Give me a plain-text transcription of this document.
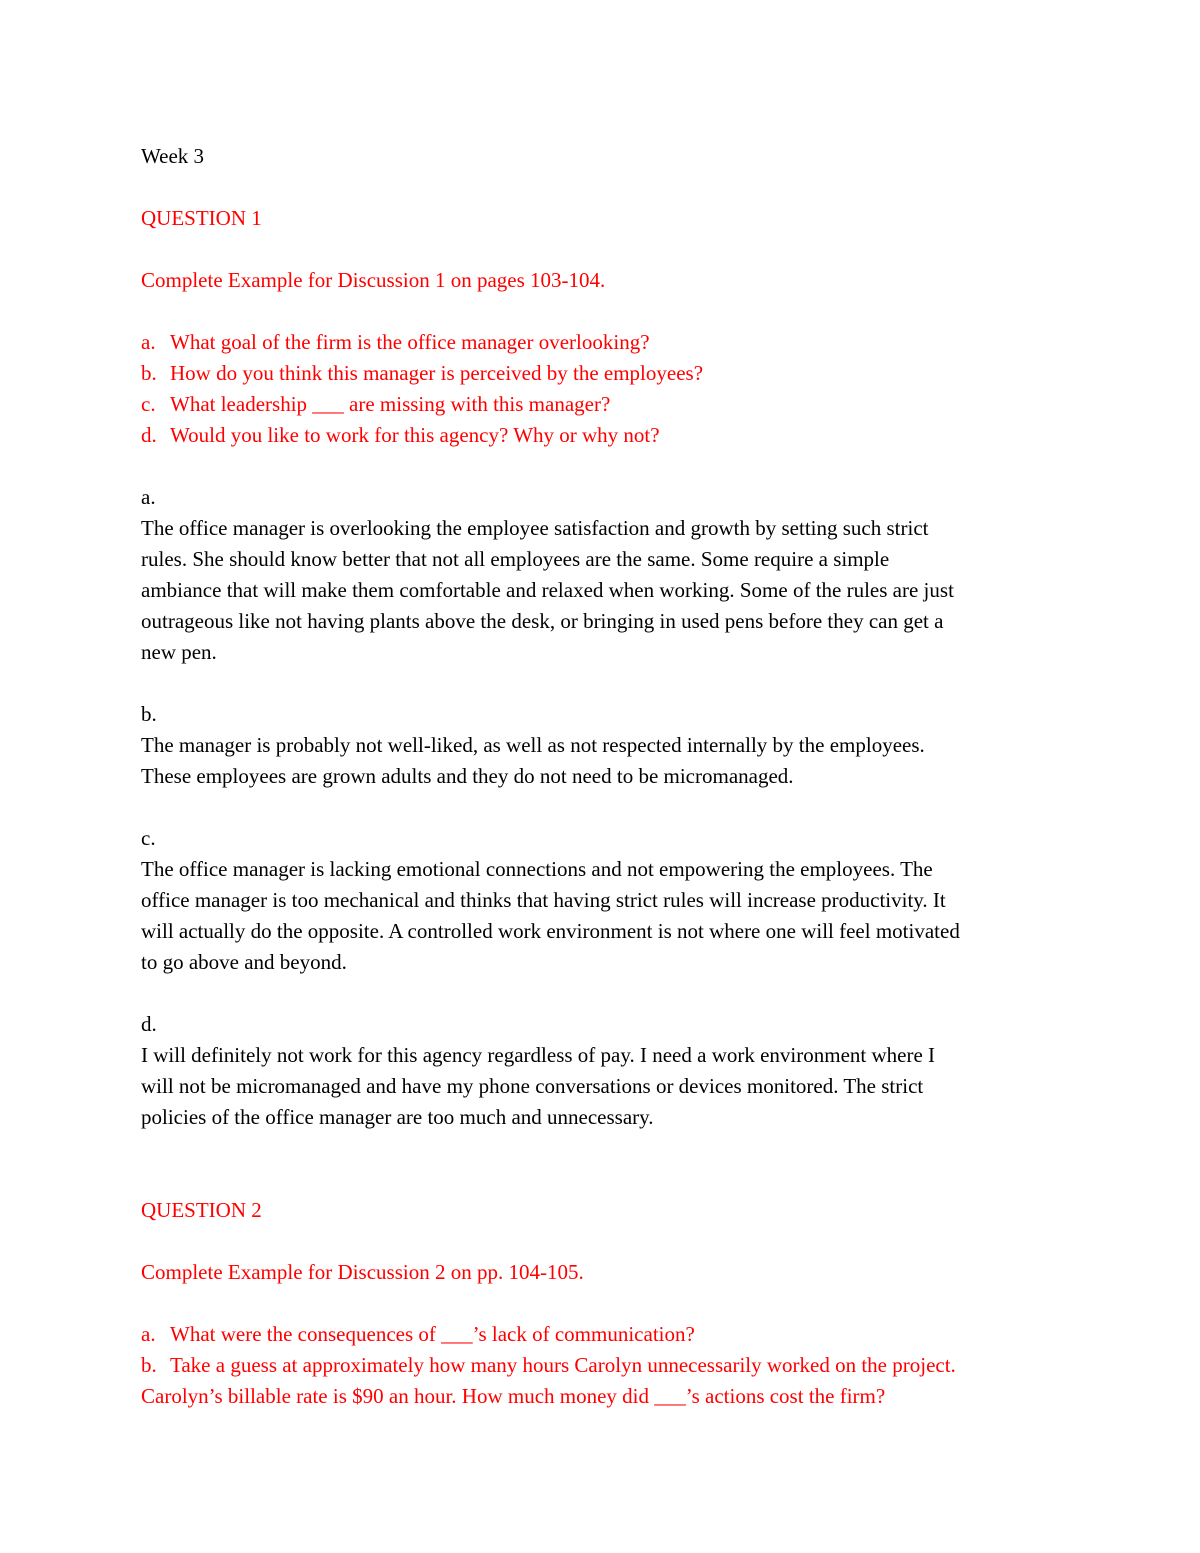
Week 3
QUESTION 1
Complete Example for Discussion 1 on pages 103-104.
a. What goal of the firm is the office manager overlooking?
b. How do you think this manager is perceived by the employees?
c. What leadership ___ are missing with this manager?
d. Would you like to work for this agency? Why or why not?
a.
The office manager is overlooking the employee satisfaction and growth by setting such strict
rules. She should know better that not all employees are the same. Some require a simple
ambiance that will make them comfortable and relaxed when working. Some of the rules are just
outrageous like not having plants above the desk, or bringing in used pens before they can get a
new pen.
b.
The manager is probably not well-liked, as well as not respected internally by the employees.
These employees are grown adults and they do not need to be micromanaged.
c.
The office manager is lacking emotional connections and not empowering the employees. The
office manager is too mechanical and thinks that having strict rules will increase productivity. It
will actually do the opposite. A controlled work environment is not where one will feel motivated
to go above and beyond.
d.
I will definitely not work for this agency regardless of pay. I need a work environment where I
will not be micromanaged and have my phone conversations or devices monitored. The strict
policies of the office manager are too much and unnecessary.
QUESTION 2
Complete Example for Discussion 2 on pp. 104-105.
a. What were the consequences of ___’s lack of communication?
b. Take a guess at approximately how many hours Carolyn unnecessarily worked on the project.
Carolyn’s billable rate is $90 an hour. How much money did ___’s actions cost the firm?
